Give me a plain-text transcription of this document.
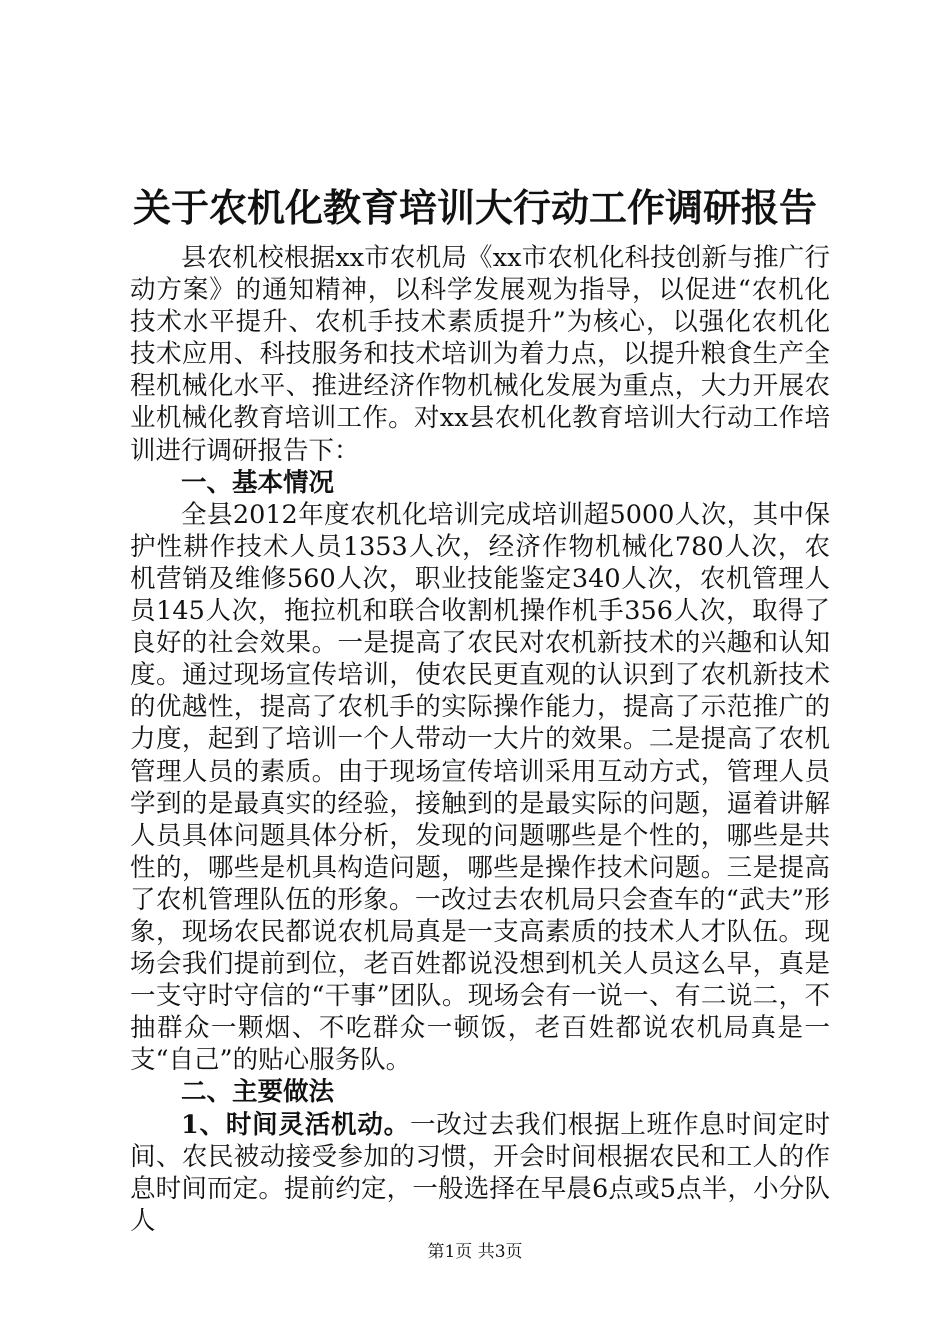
关于农机化教育培训大行动工作调研报告

县农机校根据xx市农机局《xx市农机化科技创新与推广行动方案》的通知精神，以科学发展观为指导，以促进“农机化技术水平提升、农机手技术素质提升”为核心，以强化农机化技术应用、科技服务和技术培训为着力点，以提升粮食生产全程机械化水平、推进经济作物机械化发展为重点，大力开展农业机械化教育培训工作。对xx县农机化教育培训大行动工作培训进行调研报告下：

一、基本情况

全县2012年度农机化培训完成培训超5000人次，其中保护性耕作技术人员1353人次，经济作物机械化780人次，农机营销及维修560人次，职业技能鉴定340人次，农机管理人员145人次，拖拉机和联合收割机操作机手356人次，取得了良好的社会效果。一是提高了农民对农机新技术的兴趣和认知度。通过现场宣传培训，使农民更直观的认识到了农机新技术的优越性，提高了农机手的实际操作能力，提高了示范推广的力度，起到了培训一个人带动一大片的效果。二是提高了农机管理人员的素质。由于现场宣传培训采用互动方式，管理人员学到的是最真实的经验，接触到的是最实际的问题，逼着讲解人员具体问题具体分析，发现的问题哪些是个性的，哪些是共性的，哪些是机具构造问题，哪些是操作技术问题。三是提高了农机管理队伍的形象。一改过去农机局只会查车的“武夫”形象，现场农民都说农机局真是一支高素质的技术人才队伍。现场会我们提前到位，老百姓都说没想到机关人员这么早，真是一支守时守信的“干事”团队。现场会有一说一、有二说二，不抽群众一颗烟、不吃群众一顿饭，老百姓都说农机局真是一支“自己”的贴心服务队。

二、主要做法

1、时间灵活机动。一改过去我们根据上班作息时间定时间、农民被动接受参加的习惯，开会时间根据农民和工人的作息时间而定。提前约定，一般选择在早晨6点或5点半，小分队人

第1页 共3页
